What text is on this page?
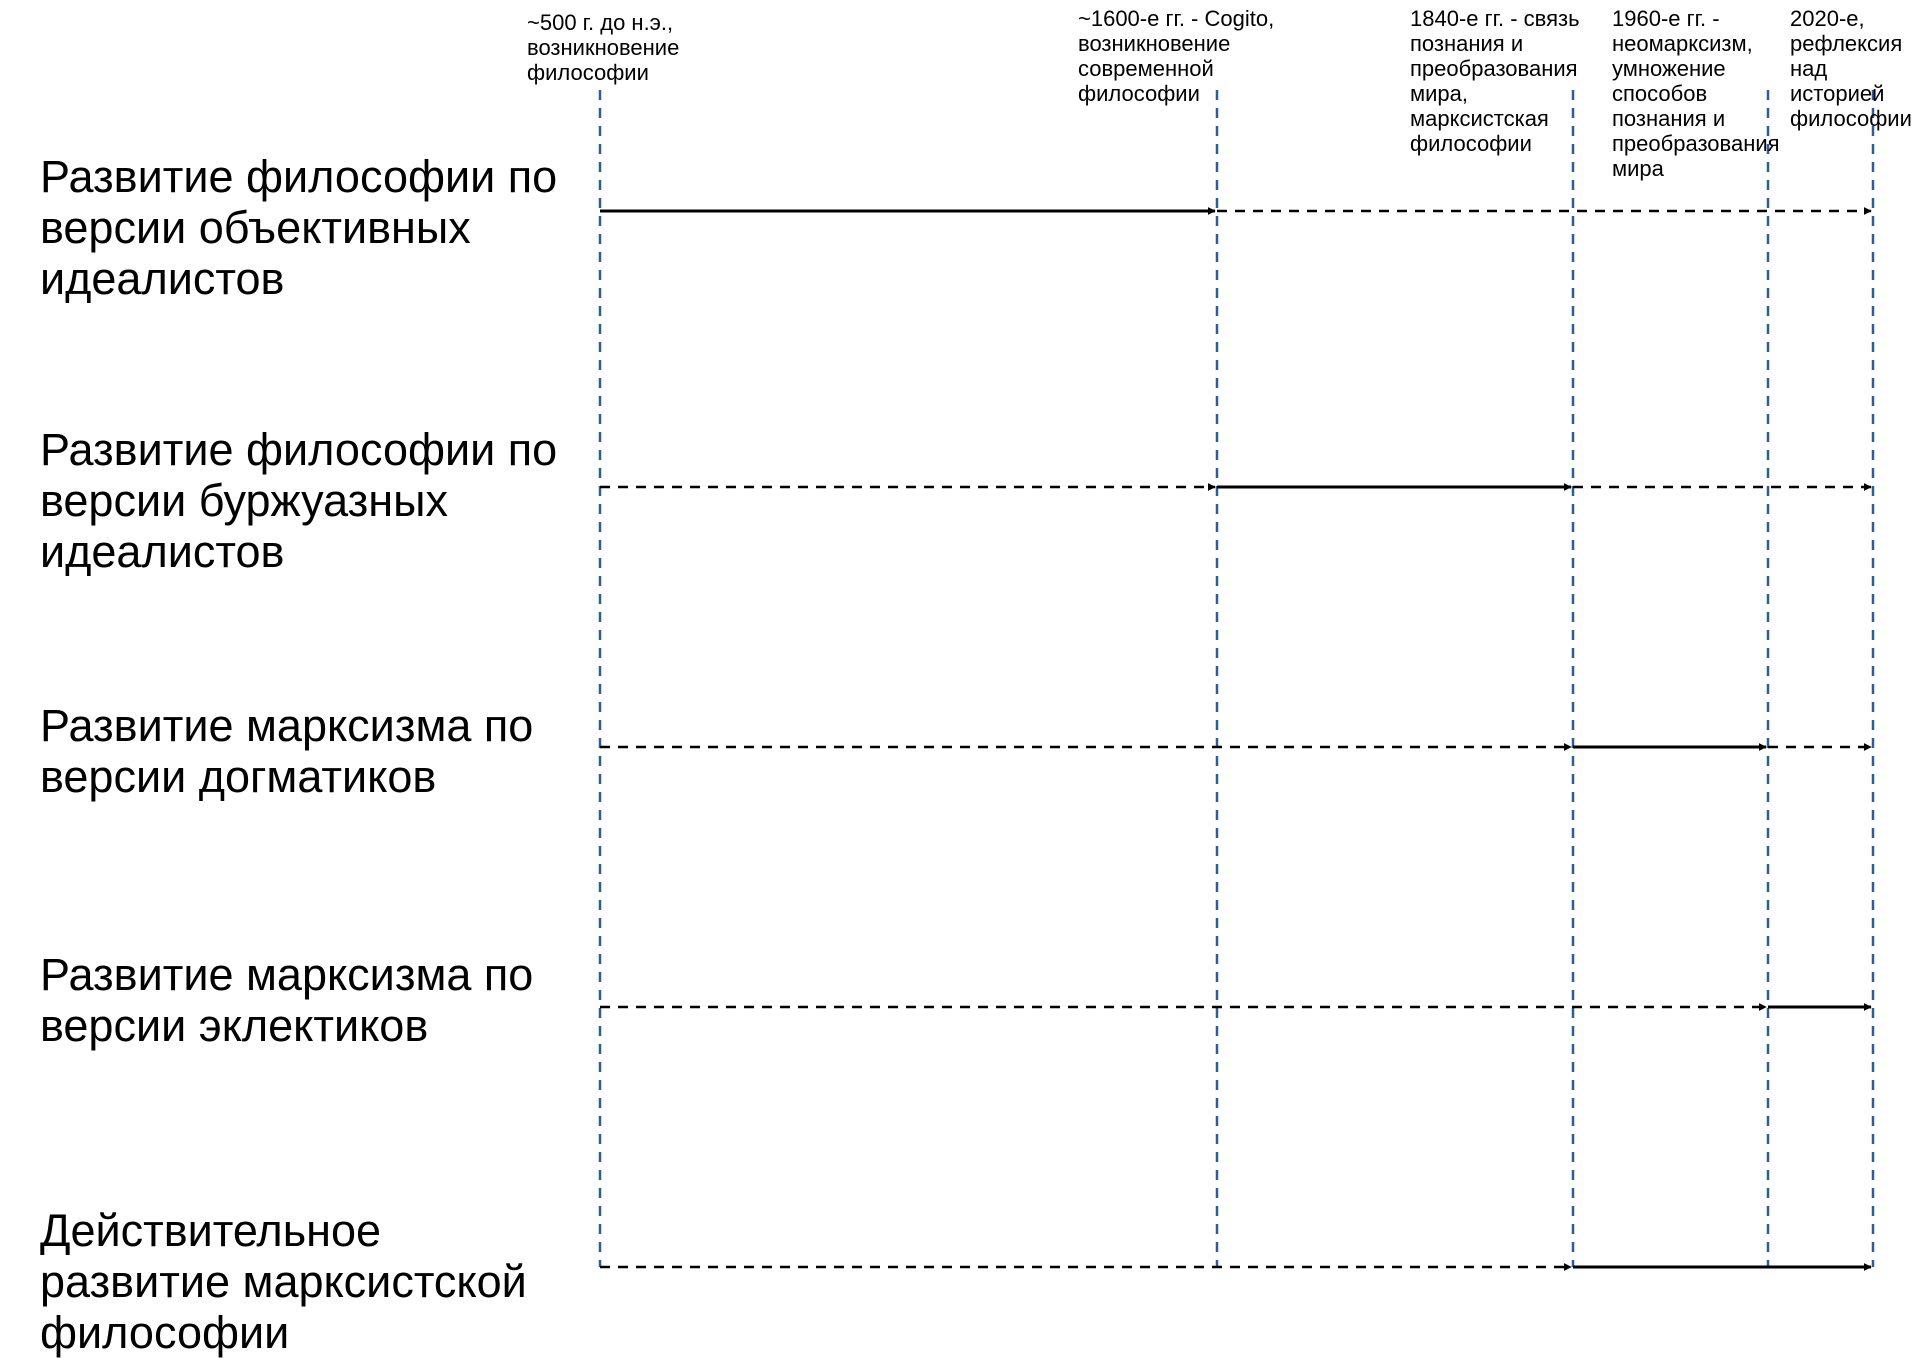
~500 г. до н.э.,
возникновение
философии
~1600-е гг. - Cogito,
возникновение
современной
философии
1840-е гг. - связь
познания и
преобразования
мира,
марксистская
философии
1960-е гг. -
неомарксизм,
умножение
способов
познания и
преобразования
мира
2020-е,
рефлексия
над
историей
философии
Развитие философии по
версии объективных
идеалистов
Развитие философии по
версии буржуазных
идеалистов
Развитие марксизма по
версии догматиков
Развитие марксизма по
версии эклектиков
Действительное
развитие марксистской
философии
